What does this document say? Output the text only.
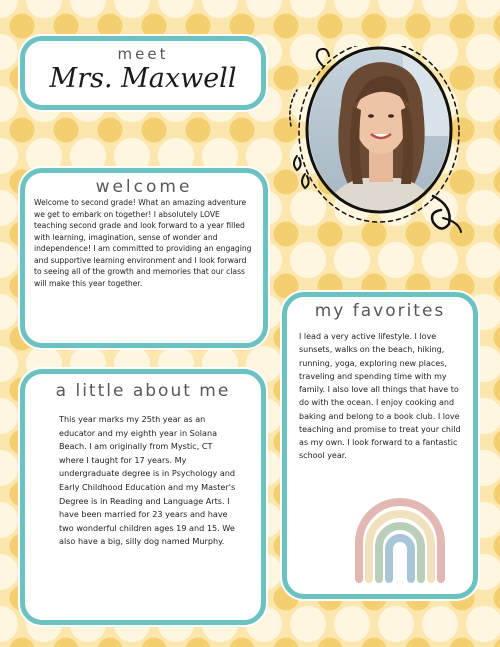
meet

Mrs. Maxwell

welcome

Welcome to second grade! What an amazing adventure we get to embark on together! I absolutely LOVE teaching second grade and look forward to a year filled with learning, imagination, sense of wonder and independence! I am committed to providing an engaging and supportive learning environment and I look forward to seeing all of the growth and memories that our class will make this year together.

a little about me

This year marks my 25th year as an educator and my eighth year in Solana Beach. I am originally from Mystic, CT where I taught for 17 years. My undergraduate degree is in Psychology and Early Childhood Education and my Master's Degree is in Reading and Language Arts. I have been married for 23 years and have two wonderful children ages 19 and 15. We also have a big, silly dog named Murphy.

my favorites

I lead a very active lifestyle. I love sunsets, walks on the beach, hiking, running, yoga, exploring new places, traveling and spending time with my family. I also love all things that have to do with the ocean. I enjoy cooking and baking and belong to a book club. I love teaching and promise to treat your child as my own. I look forward to a fantastic school year.
